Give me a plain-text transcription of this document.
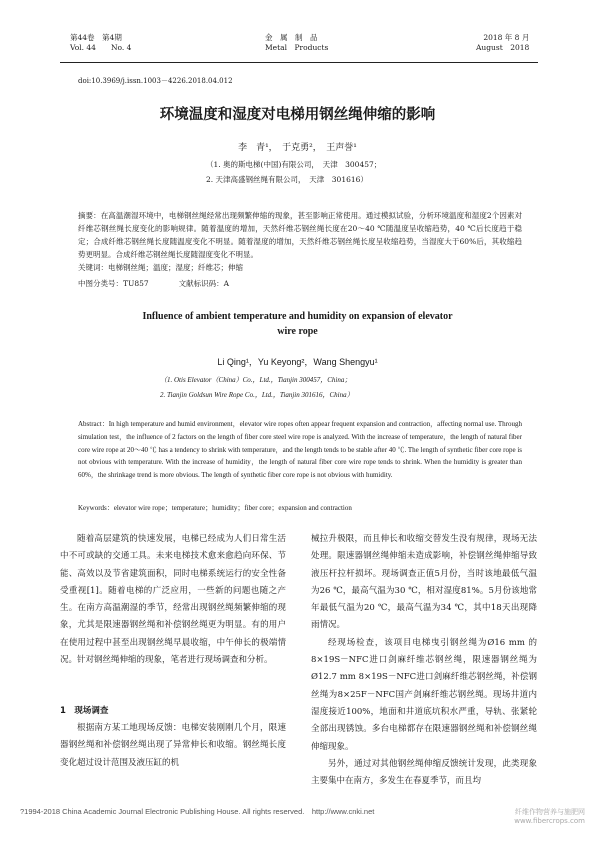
第44卷　第4期
Vol. 44　　No. 4
金　属　制　品
Metal　Products
2018 年 8 月
August　2018
doi:10.3969/j.issn.1003－4226.2018.04.012
环境温度和湿度对电梯用钢丝绳伸缩的影响
李　青¹，　于克勇²，　王声誉¹
（1. 奥的斯电梯(中国)有限公司，　天津　300457；
2. 天津高盛钢丝绳有限公司，　天津　301616）
摘要：在高温潮湿环境中，电梯钢丝绳经常出现频繁伸缩的现象，甚至影响正常使用。通过模拟试验，分析环境温度和湿度2个因素对纤维芯钢丝绳长度变化的影响规律。随着温度的增加，天然纤维芯钢丝绳长度在20～40 ℃随温度呈收缩趋势，40 ℃后长度趋于稳定；合成纤维芯钢丝绳长度随温度变化不明显。随着湿度的增加，天然纤维芯钢丝绳长度呈收缩趋势，当湿度大于60%后，其收缩趋势更明显。合成纤维芯钢丝绳长度随湿度变化不明显。
关键词：电梯钢丝绳；温度；湿度；纤维芯；伸缩
中图分类号：TU857　　　　文献标识码：A
Influence of ambient temperature and humidity on expansion of elevator wire rope
Li Qing¹，Yu Keyong²，Wang Shengyu¹
（1. Otis Elevator（China）Co.，Ltd.，Tianjin 300457，China；
2. Tianjin Goldsun Wire Rope Co.，Ltd.，Tianjin 301616，China）
Abstract：In high temperature and humid environment，elevator wire ropes often appear frequent expansion and contraction，affecting normal use. Through simulation test，the influence of 2 factors on the length of fiber core steel wire rope is analyzed. With the increase of temperature，the length of natural fiber core wire rope at 20～40 ℃ has a tendency to shrink with temperature，and the length tends to be stable after 40 ℃. The length of synthetic fiber core rope is not obvious with temperature. With the increase of humidity，the length of natural fiber core wire rope tends to shrink. When the humidity is greater than 60%，the shrinkage trend is more obvious. The length of synthetic fiber core rope is not obvious with humidity.
Keywords：elevator wire rope；temperature；humidity；fiber core；expansion and contraction

随着高层建筑的快速发展，电梯已经成为人们日常生活中不可或缺的交通工具。未来电梯技术愈来愈趋向环保、节能、高效以及节省建筑面积，同时电梯系统运行的安全性备受重视[1]。随着电梯的广泛应用，一些新的问题也随之产生。在南方高温潮湿的季节，经常出现钢丝绳频繁伸缩的现象，尤其是限速器钢丝绳和补偿钢丝绳更为明显。有的用户在使用过程中甚至出现钢丝绳早晨收缩，中午伸长的极端情况。针对钢丝绳伸缩的现象，笔者进行现场调查和分析。

1　现场调查

根据南方某工地现场反馈：电梯安装刚刚几个月，限速器钢丝绳和补偿钢丝绳出现了异常伸长和收缩。钢丝绳长度变化超过设计范围及液压缸的机

械拉升极限，而且伸长和收缩交替发生没有规律，现场无法处理。限速器钢丝绳伸缩未造成影响，补偿钢丝绳伸缩导致液压杆拉杆损坏。现场调查正值5月份，当时该地最低气温为26 ℃，最高气温为30 ℃，相对湿度81%。5月份该地常年最低气温为20 ℃，最高气温为34 ℃，其中18天出现降雨情况。

经现场检查，该项目电梯曳引钢丝绳为Ø16 mm 的8×19S－NFC进口剑麻纤维芯钢丝绳，限速器钢丝绳为Ø12.7 mm 8×19S－NFC进口剑麻纤维芯钢丝绳，补偿钢丝绳为8×25F－NFC国产剑麻纤维芯钢丝绳。现场井道内湿度接近100%，地面和井道底坑积水严重，导轨、张紧轮全部出现锈蚀。多台电梯都存在限速器钢丝绳和补偿钢丝绳伸缩现象。

另外，通过对其他钢丝绳伸缩反馈统计发现，此类现象主要集中在南方，多发生在春夏季节，而且均

?1994-2018 China Academic Journal Electronic Publishing House. All rights reserved.　http://www.cnki.net	纤维作物营养与施肥网 www.fibercrops.com
